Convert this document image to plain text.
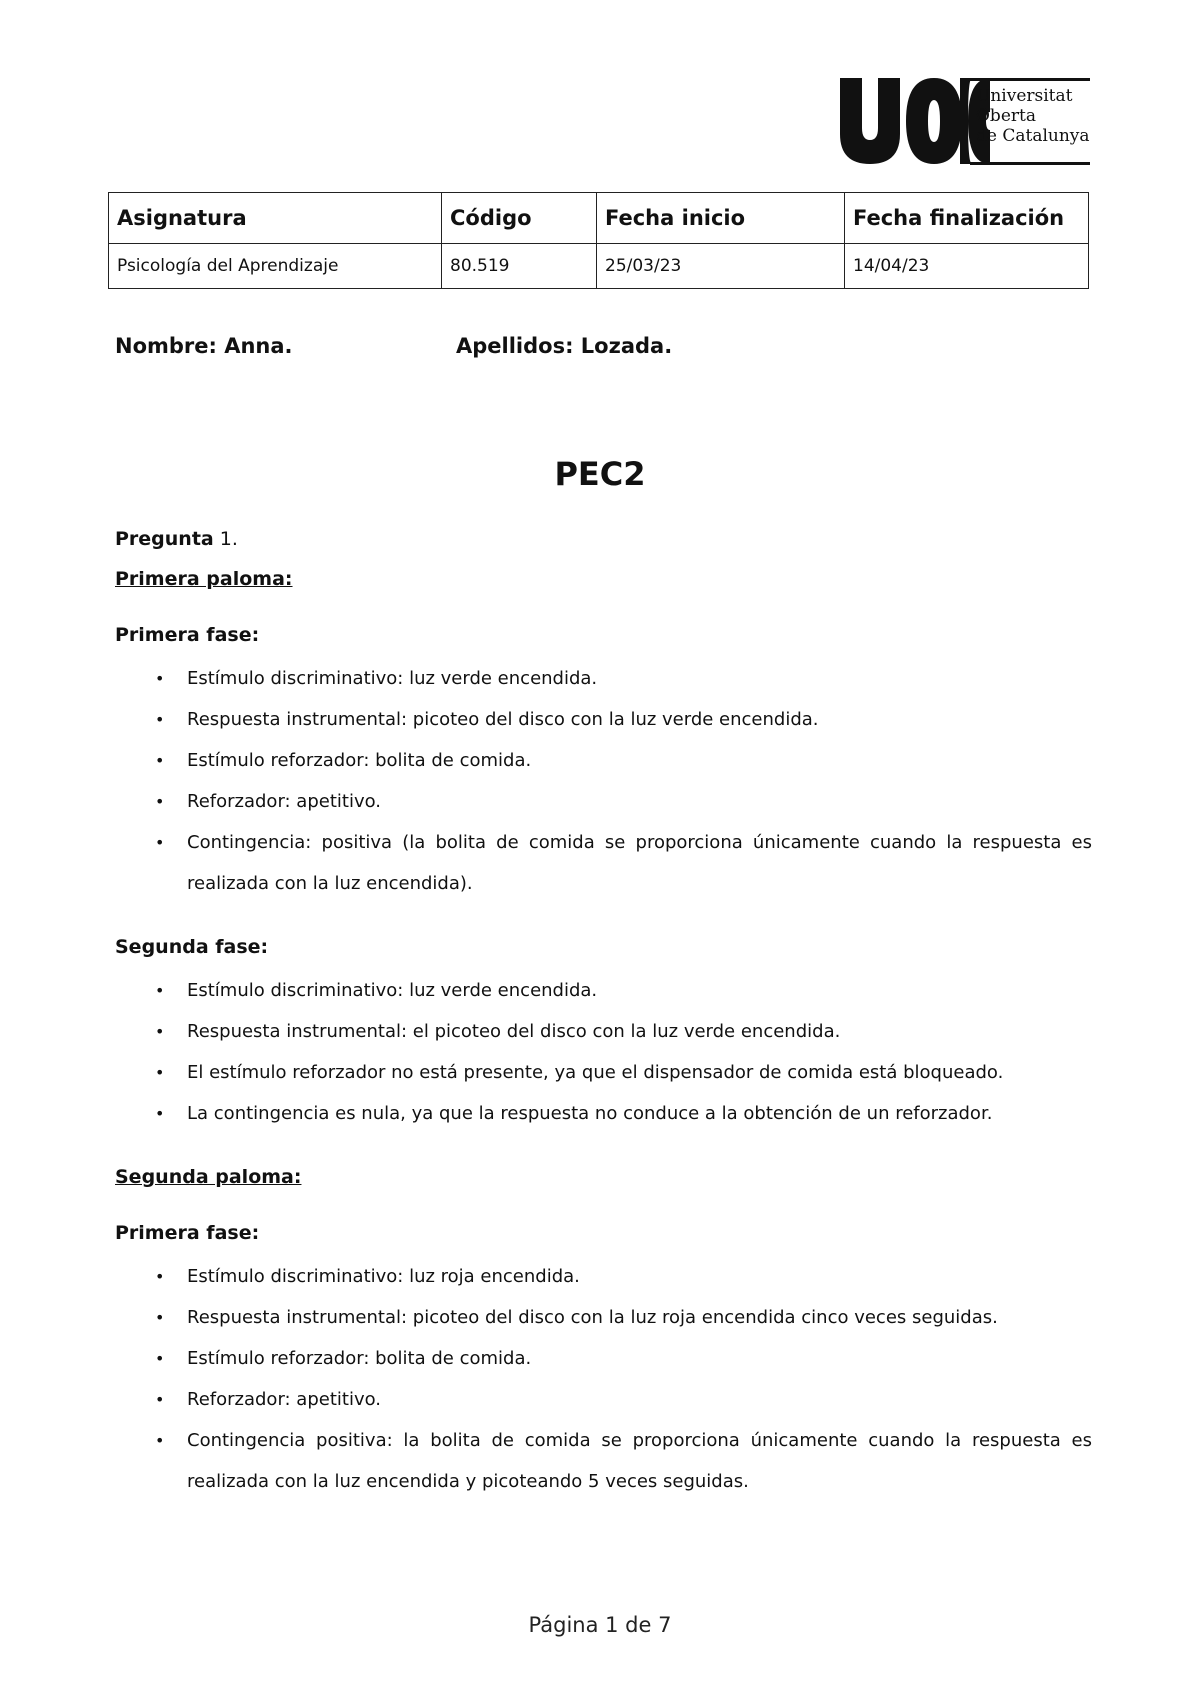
Universitat
Oberta
de Catalunya
Asignatura	Código	Fecha inicio	Fecha finalización
Psicología del Aprendizaje	80.519	25/03/23	14/04/23
Nombre: Anna.	Apellidos: Lozada.
PEC2
Pregunta 1.
Primera paloma:
Primera fase:
• Estímulo discriminativo: luz verde encendida.
• Respuesta instrumental: picoteo del disco con la luz verde encendida.
• Estímulo reforzador: bolita de comida.
• Reforzador: apetitivo.
• Contingencia: positiva (la bolita de comida se proporciona únicamente cuando la respuesta es realizada con la luz encendida).
Segunda fase:
• Estímulo discriminativo: luz verde encendida.
• Respuesta instrumental: el picoteo del disco con la luz verde encendida.
• El estímulo reforzador no está presente, ya que el dispensador de comida está bloqueado.
• La contingencia es nula, ya que la respuesta no conduce a la obtención de un reforzador.
Segunda paloma:
Primera fase:
• Estímulo discriminativo: luz roja encendida.
• Respuesta instrumental: picoteo del disco con la luz roja encendida cinco veces seguidas.
• Estímulo reforzador: bolita de comida.
• Reforzador: apetitivo.
• Contingencia positiva: la bolita de comida se proporciona únicamente cuando la respuesta es realizada con la luz encendida y picoteando 5 veces seguidas.
Página 1 de 7
